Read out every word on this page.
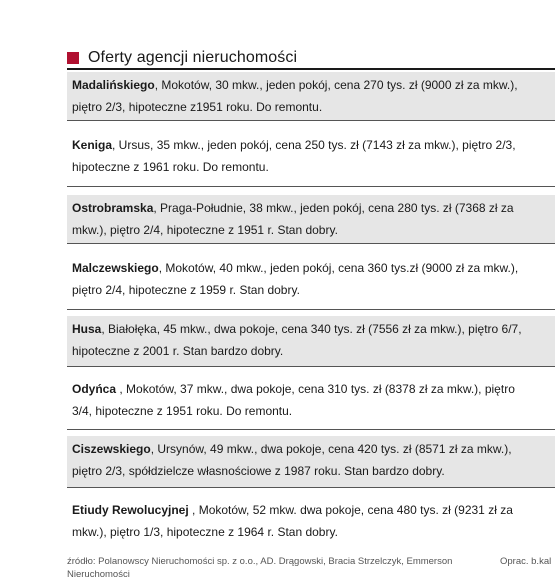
Oferty agencji nieruchomości
Madalińskiego, Mokotów, 30 mkw., jeden pokój, cena 270 tys. zł (9000 zł za mkw.),
piętro 2/3, hipoteczne z1951 roku. Do remontu.
Keniga, Ursus, 35 mkw., jeden pokój, cena 250 tys. zł (7143 zł za mkw.), piętro 2/3,
hipoteczne z 1961 roku. Do remontu.
Ostrobramska, Praga-Południe, 38 mkw., jeden pokój, cena 280 tys. zł (7368 zł za
mkw.), piętro 2/4, hipoteczne z 1951 r. Stan dobry.
Malczewskiego, Mokotów, 40 mkw., jeden pokój, cena 360 tys.zł (9000 zł za mkw.),
piętro 2/4, hipoteczne z 1959 r. Stan dobry.
Husa, Białołęka, 45 mkw., dwa pokoje, cena 340 tys. zł (7556 zł za mkw.), piętro 6/7,
hipoteczne z 2001 r. Stan bardzo dobry.
Odyńca , Mokotów, 37 mkw., dwa pokoje, cena 310 tys. zł (8378 zł za mkw.), piętro
3/4, hipoteczne z 1951 roku. Do remontu.
Ciszewskiego, Ursynów, 49 mkw., dwa pokoje, cena 420 tys. zł (8571 zł za mkw.),
piętro 2/3, spółdzielcze własnościowe z 1987 roku. Stan bardzo dobry.
Etiudy Rewolucyjnej , Mokotów, 52 mkw. dwa pokoje, cena 480 tys. zł (9231 zł za
mkw.), piętro 1/3, hipoteczne z 1964 r. Stan dobry.
źródło: Polanowscy Nieruchomości sp. z o.o., AD. Drągowski, Bracia Strzelczyk, Emmerson Nieruchomości
Oprac. b.kal
